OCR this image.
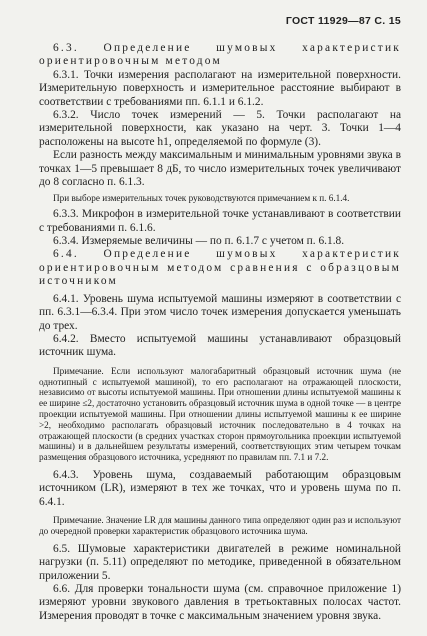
ГОСТ 11929—87 С. 15

6.3. Определение шумовых характеристик ориентировочным методом

6.3.1. Точки измерения располагают на измерительной поверхности. Измерительную поверхность и измерительное расстояние выбирают в соответствии с требованиями пп. 6.1.1 и 6.1.2.

6.3.2. Число точек измерений — 5. Точки располагают на измерительной поверхности, как указано на черт. 3. Точки 1—4 расположены на высоте h1, определяемой по формуле (3).

Если разность между максимальным и минимальным уровнями звука в точках 1—5 превышает 8 дБ, то число измерительных точек увеличивают до 8 согласно п. 6.1.3.

При выборе измерительных точек руководствуются примечанием к п. 6.1.4.

6.3.3. Микрофон в измерительной точке устанавливают в соответствии с требованиями п. 6.1.6.

6.3.4. Измеряемые величины — по п. 6.1.7 с учетом п. 6.1.8.

6.4. Определение шумовых характеристик ориентировочным методом сравнения с образцовым источником

6.4.1. Уровень шума испытуемой машины измеряют в соответствии с пп. 6.3.1—6.3.4. При этом число точек измерения допускается уменьшать до трех.

6.4.2. Вместо испытуемой машины устанавливают образцовый источник шума.

Примечание. Если используют малогабаритный образцовый источник шума (не однотипный с испытуемой машиной), то его располагают на отражающей плоскости, независимо от высоты испытуемой машины. При отношении длины испытуемой машины к ее ширине ≤2, достаточно установить образцовый источник шума в одной точке — в центре проекции испытуемой машины. При отношении длины испытуемой машины к ее ширине >2, необходимо располагать образцовый источник последовательно в 4 точках на отражающей плоскости (в средних участках сторон прямоугольника проекции испытуемой машины) и в дальнейшем результаты измерений, соответствующих этим четырем точкам размещения образцового источника, усредняют по правилам пп. 7.1 и 7.2.

6.4.3. Уровень шума, создаваемый работающим образцовым источником (LR), измеряют в тех же точках, что и уровень шума по п. 6.4.1.

Примечание. Значение LR для машины данного типа определяют один раз и используют до очередной проверки характеристик образцового источника шума.

6.5. Шумовые характеристики двигателей в режиме номинальной нагрузки (п. 5.11) определяют по методике, приведенной в обязательном приложении 5.

6.6. Для проверки тональности шума (см. справочное приложение 1) измеряют уровни звукового давления в третьоктавных полосах частот. Измерения проводят в точке с максимальным значением уровня звука.
